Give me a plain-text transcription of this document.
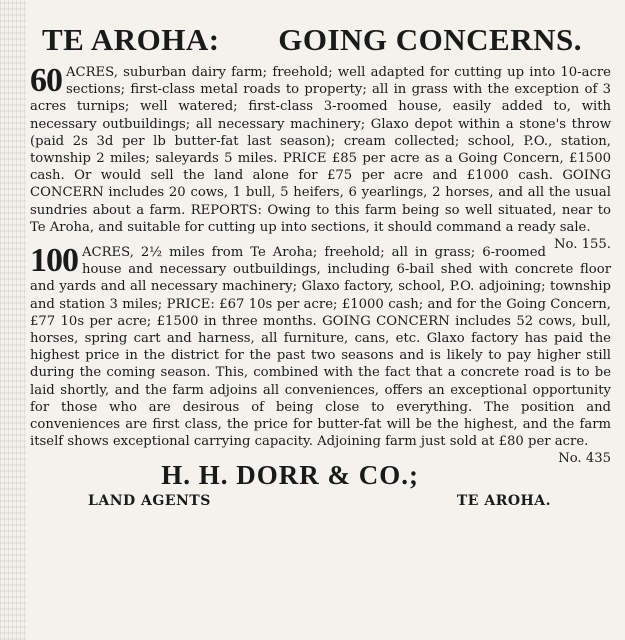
TE AROHA: GOING CONCERNS.

60 ACRES, suburban dairy farm; freehold; well adapted for cutting up into 10-acre sections; first-class metal roads to property; all in grass with the exception of 3 acres turnips; well watered; first-class 3-roomed house, easily added to, with necessary outbuildings; all necessary machinery; Glaxo depot within a stone's throw (paid 2s 3d per lb butter-fat last season); cream collected; school, P.O., station, township 2 miles; saleyards 5 miles. PRICE £85 per acre as a Going Concern, £1500 cash. Or would sell the land alone for £75 per acre and £1000 cash. GOING CONCERN includes 20 cows, 1 bull, 5 heifers, 6 yearlings, 2 horses, and all the usual sundries about a farm. REPORTS: Owing to this farm being so well situated, near to Te Aroha, and suitable for cutting up into sections, it should command a ready sale.
No. 155.

100 ACRES, 2½ miles from Te Aroha; freehold; all in grass; 6-roomed house and necessary outbuildings, including 6-bail shed with concrete floor and yards and all necessary machinery; Glaxo factory, school, P.O. adjoining; township and station 3 miles; PRICE: £67 10s per acre; £1000 cash; and for the Going Concern, £77 10s per acre; £1500 in three months. GOING CONCERN includes 52 cows, bull, horses, spring cart and harness, all furniture, cans, etc. Glaxo factory has paid the highest price in the district for the past two seasons and is likely to pay higher still during the coming season. This, combined with the fact that a concrete road is to be laid shortly, and the farm adjoins all conveniences, offers an exceptional opportunity for those who are desirous of being close to everything. The position and conveniences are first class, the price for butter-fat will be the highest, and the farm itself shows exceptional carrying capacity. Adjoining farm just sold at £80 per acre.
No. 435

H. H. DORR & CO.;
LAND AGENTS	TE AROHA.
